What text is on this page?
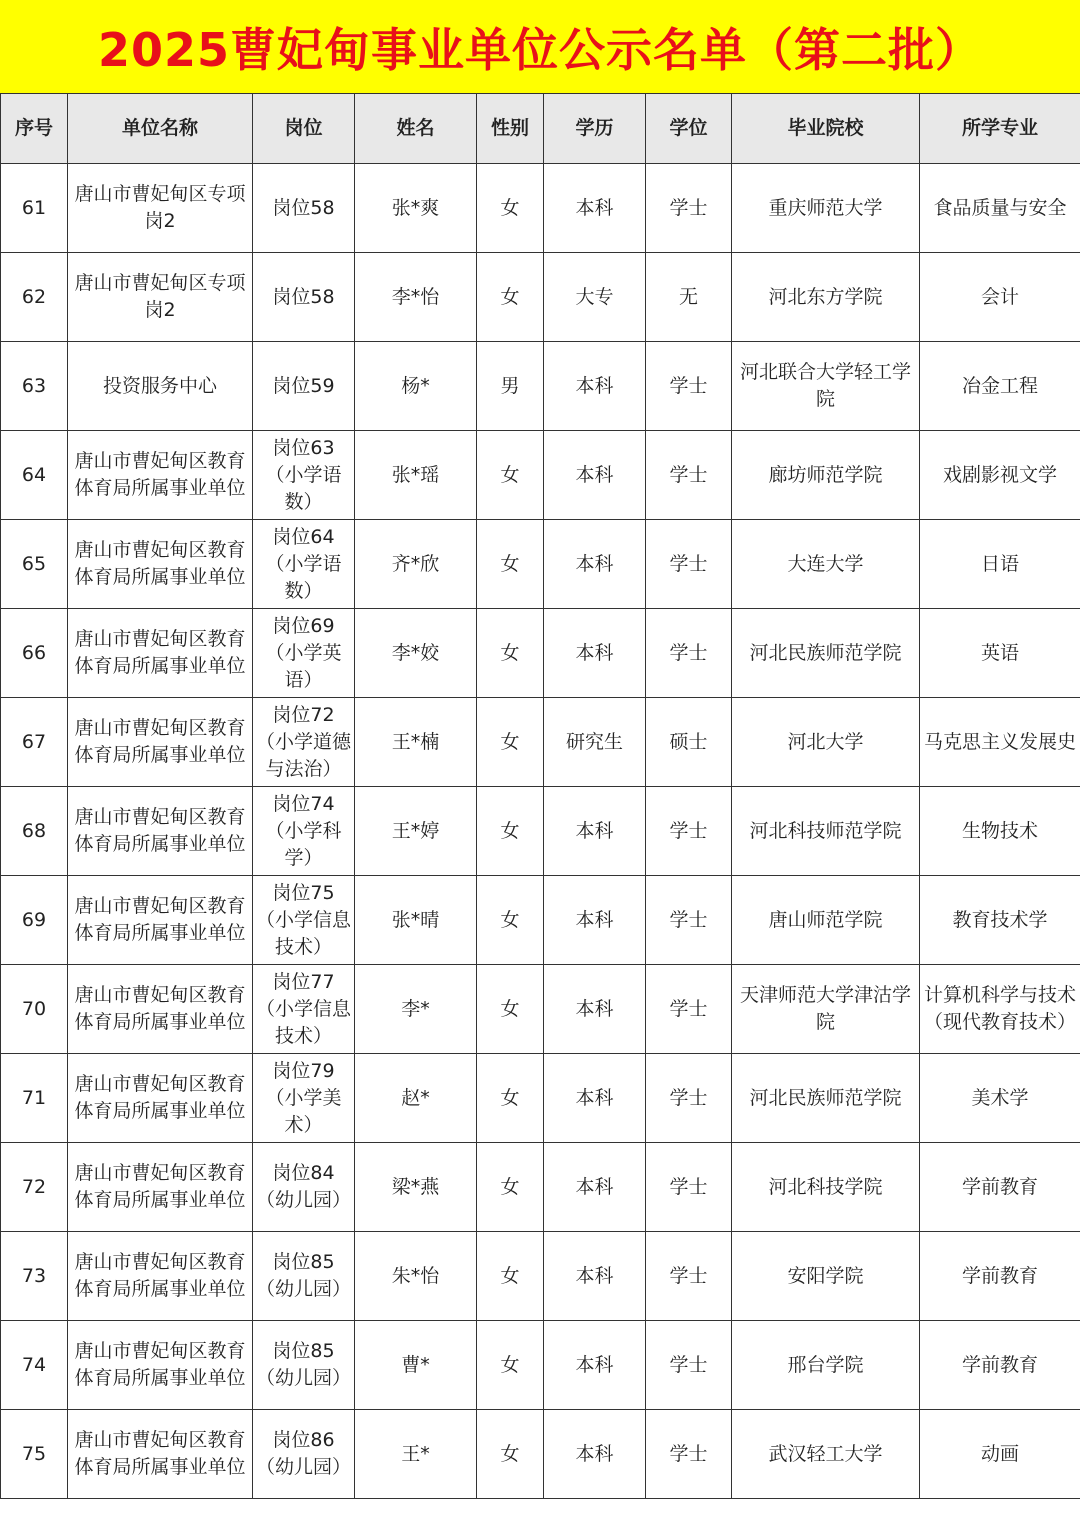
2025曹妃甸事业单位公示名单（第二批）
序号	单位名称	岗位	姓名	性别	学历	学位	毕业院校	所学专业

61	唐山市曹妃甸区专项岗2	岗位58	张*爽	女	本科	学士	重庆师范大学	食品质量与安全

62	唐山市曹妃甸区专项岗2	岗位58	李*怡	女	大专	无	河北东方学院	会计

63	投资服务中心	岗位59	杨*	男	本科	学士	河北联合大学轻工学院	冶金工程

64	唐山市曹妃甸区教育体育局所属事业单位	岗位63（小学语数）	张*瑶	女	本科	学士	廊坊师范学院	戏剧影视文学

65	唐山市曹妃甸区教育体育局所属事业单位	岗位64（小学语数）	齐*欣	女	本科	学士	大连大学	日语

66	唐山市曹妃甸区教育体育局所属事业单位	岗位69（小学英语）	李*姣	女	本科	学士	河北民族师范学院	英语

67	唐山市曹妃甸区教育体育局所属事业单位	岗位72（小学道德与法治）	王*楠	女	研究生	硕士	河北大学	马克思主义发展史

68	唐山市曹妃甸区教育体育局所属事业单位	岗位74（小学科学）	王*婷	女	本科	学士	河北科技师范学院	生物技术

69	唐山市曹妃甸区教育体育局所属事业单位	岗位75（小学信息技术）	张*晴	女	本科	学士	唐山师范学院	教育技术学

70	唐山市曹妃甸区教育体育局所属事业单位	岗位77（小学信息技术）	李*	女	本科	学士	天津师范大学津沽学院	计算机科学与技术（现代教育技术）

71	唐山市曹妃甸区教育体育局所属事业单位	岗位79（小学美术）	赵*	女	本科	学士	河北民族师范学院	美术学

72	唐山市曹妃甸区教育体育局所属事业单位	岗位84（幼儿园）	梁*燕	女	本科	学士	河北科技学院	学前教育

73	唐山市曹妃甸区教育体育局所属事业单位	岗位85（幼儿园）	朱*怡	女	本科	学士	安阳学院	学前教育

74	唐山市曹妃甸区教育体育局所属事业单位	岗位85（幼儿园）	曹*	女	本科	学士	邢台学院	学前教育

75	唐山市曹妃甸区教育体育局所属事业单位	岗位86（幼儿园）	王*	女	本科	学士	武汉轻工大学	动画
